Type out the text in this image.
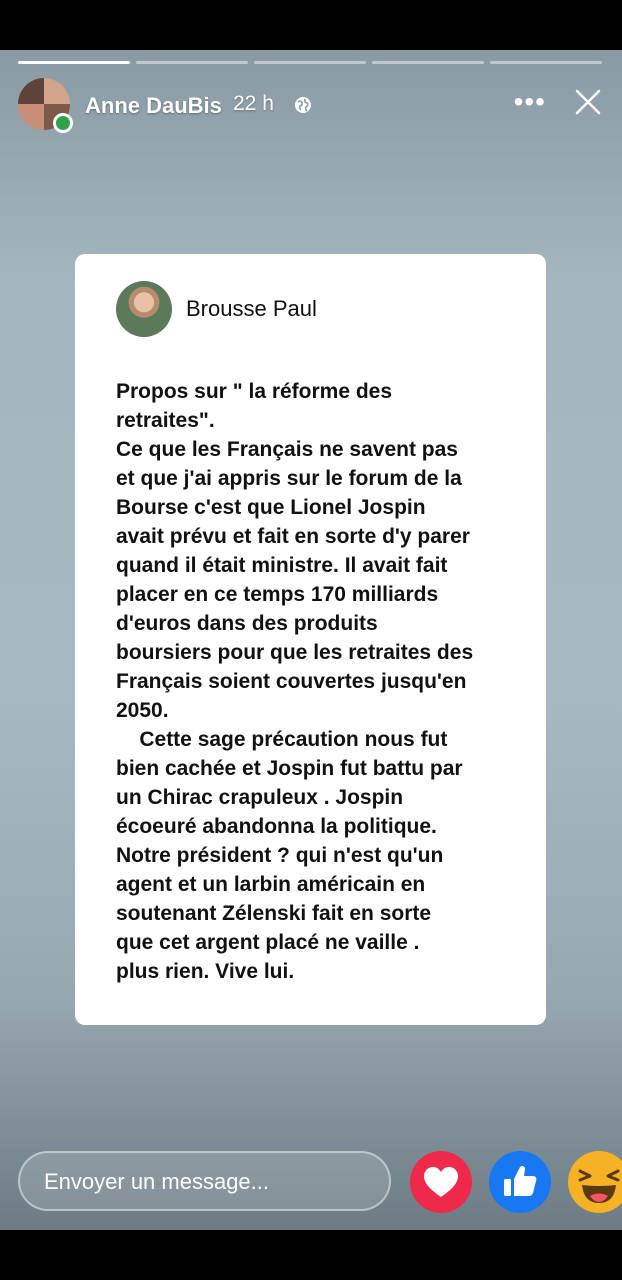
Anne DauBis 22 h	•••
Brousse Paul

Propos sur " la réforme des
retraites".
Ce que les Français ne savent pas
et que j'ai appris sur le forum de la
Bourse c'est que Lionel Jospin
avait prévu et fait en sorte d'y parer
quand il était ministre. Il avait fait
placer en ce temps 170 milliards
d'euros dans des produits
boursiers pour que les retraites des
Français soient couvertes jusqu'en
2050.
Cette sage précaution nous fut
bien cachée et Jospin fut battu par
un Chirac crapuleux . Jospin
écoeuré abandonna la politique.
Notre président ? qui n'est qu'un
agent et un larbin américain en
soutenant Zélenski fait en sorte
que cet argent placé ne vaille .
plus rien. Vive lui.

Envoyer un message...
